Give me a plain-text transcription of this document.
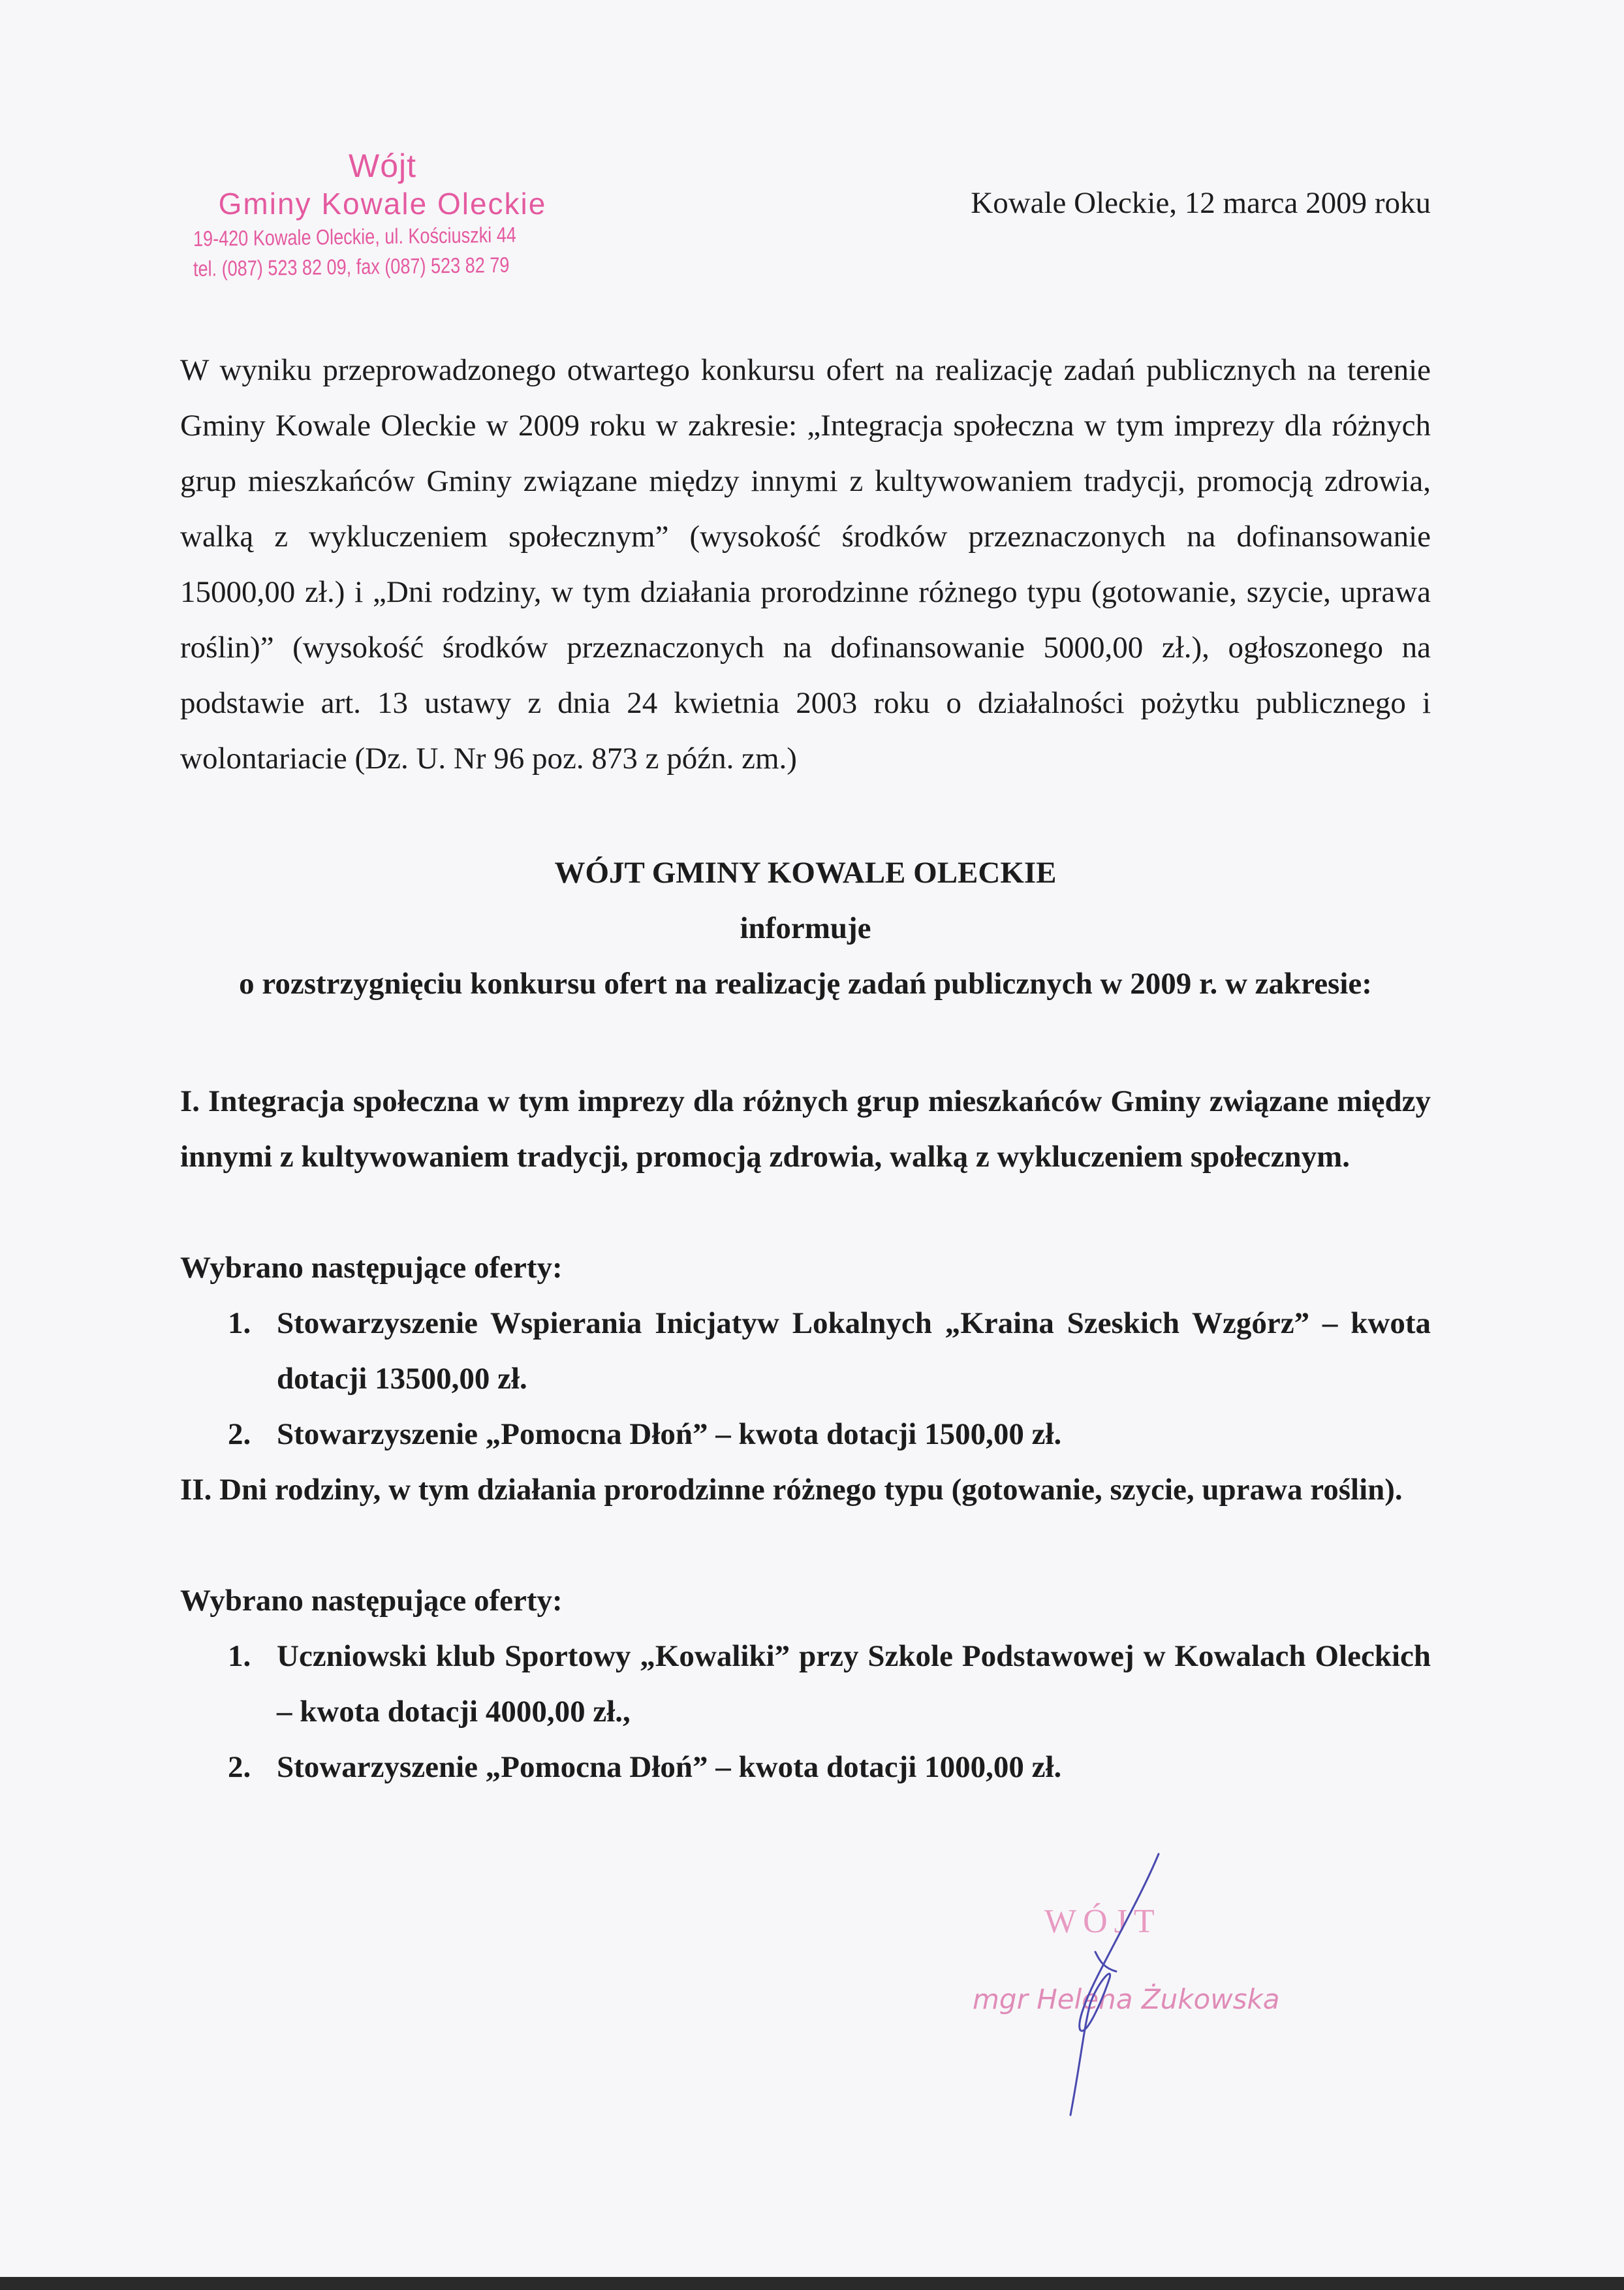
Wójt
Gminy Kowale Oleckie
19-420 Kowale Oleckie, ul. Kościuszki 44
tel. (087) 523 82 09, fax (087) 523 82 79
Kowale Oleckie, 12 marca 2009 roku

W wyniku przeprowadzonego otwartego konkursu ofert na realizację zadań publicznych na terenie Gminy Kowale Oleckie w 2009 roku w zakresie: „Integracja społeczna w tym imprezy dla różnych grup mieszkańców Gminy związane między innymi z kultywowaniem tradycji, promocją zdrowia, walką z wykluczeniem społecznym” (wysokość środków przeznaczonych na dofinansowanie 15000,00 zł.) i „Dni rodziny, w tym działania prorodzinne różnego typu (gotowanie, szycie, uprawa roślin)” (wysokość środków przeznaczonych na dofinansowanie 5000,00 zł.), ogłoszonego na podstawie art. 13 ustawy z dnia 24 kwietnia 2003 roku o działalności pożytku publicznego i wolontariacie (Dz. U. Nr 96 poz. 873 z późn. zm.)

WÓJT GMINY KOWALE OLECKIE

informuje

o rozstrzygnięciu konkursu ofert na realizację zadań publicznych w 2009 r. w zakresie:

I. Integracja społeczna w tym imprezy dla różnych grup mieszkańców Gminy związane między innymi z kultywowaniem tradycji, promocją zdrowia, walką z wykluczeniem społecznym.

Wybrano następujące oferty:

1. Stowarzyszenie Wspierania Inicjatyw Lokalnych „Kraina Szeskich Wzgórz” – kwota dotacji 13500,00 zł.
2. Stowarzyszenie „Pomocna Dłoń” – kwota dotacji 1500,00 zł.

II. Dni rodziny, w tym działania prorodzinne różnego typu (gotowanie, szycie, uprawa roślin).

Wybrano następujące oferty:

1. Uczniowski klub Sportowy „Kowaliki” przy Szkole Podstawowej w Kowalach Oleckich – kwota dotacji 4000,00 zł.,
2. Stowarzyszenie „Pomocna Dłoń” – kwota dotacji 1000,00 zł.
WÓJT
mgr Helena Żukowska
